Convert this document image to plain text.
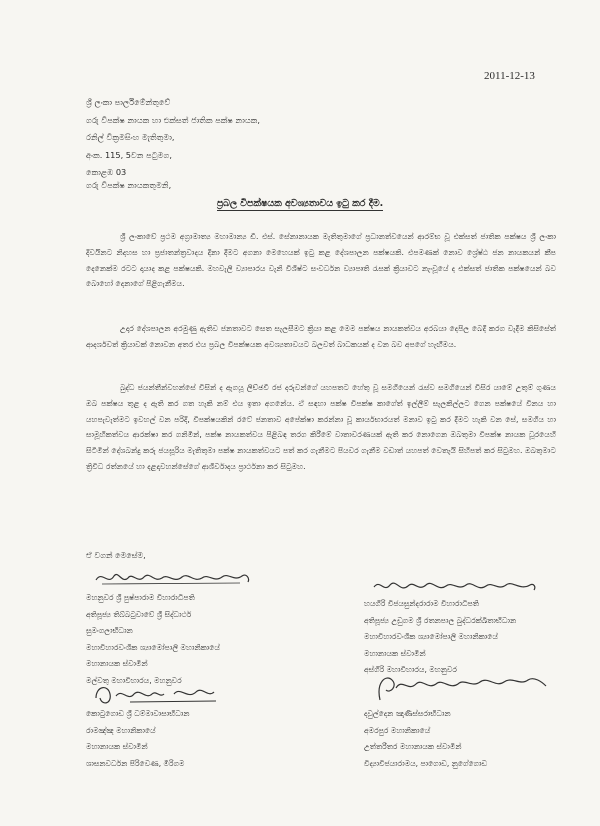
2011-12-13
ශ්‍රී ලංකා පාර්ලිමේන්තුවේ
ගරු විපක්ෂ නායක හා එක්සත් ජාතික පක්ෂ නායක,
රනිල් වික්‍රමසිංහ මැතිතුමා,
අංක. 115, 5වන පටුමග,
කොළඹ 03
ගරු විපක්ෂ නායකතුමනි,
ප්‍රබල විපක්ෂයක අවශ්‍යතාවය ඉටු කර දීම.

ශ්‍රී ලංකාවේ ප්‍රථම අග්‍රාමාත්‍ය මහාමාන්‍ය ඩී. එස්. සේනානායක මැතිතුමාගේ ප්‍රධානත්වයෙන් ආරම්භ වූ එක්සත් ජාතික පක්ෂය ශ්‍රී ලංකා දිවයිනට නිදහස හා ප්‍රජාතන්ත්‍රවාදය දිනා දීමට අගනා මෙහෙයක් ඉටු කළ දේශපාලන පක්ෂයකි. එපමණක් නොව ශ්‍රේෂ්ඨ ජන නායකයන් කීප දෙනෙක්ම රටට දායාද කළ පක්ෂයකි. මහවැලි ව්‍යාපාරය වැනි විශිෂ්ට සංවර්ධන ව්‍යාපෘති රැසක් ක්‍රියාවට නැංවූයේ ද එක්සත් ජාතික පක්ෂයෙන් බව බොහෝ දෙනාගේ පිළිගැනීමය.

උදාර දේශපාලන අරමුණු ඇතිව ජනතාවට සෙත සැලසීමට ක්‍රියා කළ මෙම පක්ෂය නායකත්වය අරබයා දෙපිල බෙදී කරග වැදීම කිසිසේත් ආදර්ශවත් ක්‍රියාවක් නොවන අතර එය ප්‍රබල විපක්ෂයක අවශ්‍යතාවයට බලවත් බාධකයක් ද වන බව අපගේ හැඟීමය.

බුද්ධ ජයන්තීන්වහන්සේ විසින් ද ඇගයූ ලිච්ඡවී රජ දරුවන්ගේ යහපතට හේතු වූ සමගියෙන් රැස්ව සමගියෙන් විසිර යාමේ උතුම් ගුණය ඔබ පක්ෂය තුළ ද ඇති කර ගත හැකි නම් එය ඉතා අගනේය. ඒ සඳහා පක්ෂ විපක්ෂ කාගේත් ඉල්ලීම් සැලකිල්ලට ගෙන පක්ෂයේ විනය හා යහපැවැත්මට ඉවහල් වන පරිදි, විපක්ෂයකින් රටේ ජනතාව අපේක්ෂා කරන්නා වූ කාර්යභාරයත් මනාව ඉටු කර දීමට හැකි වන සේ, සමගිය හා සාමූහිකත්වය ආරක්ෂා කර ගනිමින්, පක්ෂ නායකත්වය පිළිබඳ තරග කිරීමේ වාතාවරණයක් ඇති කර නොගෙන ඔබතුමා විපක්ෂ නායක ධූරයෙහි සිටිමින් දේශබන්දු කරු ජයසූරිය මැතිතුමා පක්ෂ නායකත්වයට පත් කර ගැනීමට පියවර ගැනීම වඩාත් යහපත් වෙතැයි සිහිපත් කර සිටුමහ. ඔබතුමාට ත්‍රිවිධ රත්නයේ හා දළදාවහන්සේගේ ආශිර්වාදය ප්‍රාර්ථනා කර සිටුමහ.

ඒ වගන් මෙසේම,
මහනුවර ශ්‍රී පුෂ්පාරාම විහාරාධිපති
අතිපූජ්‍ය තිබ්බටුවාවේ ශ්‍රී සිද්ධාර්ථ
සුමංගලාභිධාන
මහාවිහාරවංශික ශ්‍යාමෝපාලි මහානිකායේ
මහානායක ස්වාමීන්
මල්වතු මහාවිහාරය, මහනුවර
හයගිරි විජයසුන්දරාරාම විහාරාධිපති
අතිපූජ්‍ය උඩුගම ශ්‍රී රතනපාල බුද්ධරක්ඛිතාභිධාන
මහාවිහාරවංශික ශ්‍යාමෝපාලි මහානිකායේ
මහානායක ස්වාමීන්
අස්ගිරි මහාවිහාරය, මහනුවර
කොටුගොඩ ශ්‍රී ධම්මාවාසාභිධාන
රාමඤ්ඤ මහානිකායේ
මහානායක ස්වාමීන්
ශාසනවර්ධන පිරිවෙණ, මීරිගම
දවුල්දෙන ඤාණිස්සරාභිධාන
අමරපුර මහානිකායේ
උත්තරීතර මහානායක ස්වාමීන්
විද්‍යාවිජයාරාමය, පාගොඩ, නුගේගොඩ
